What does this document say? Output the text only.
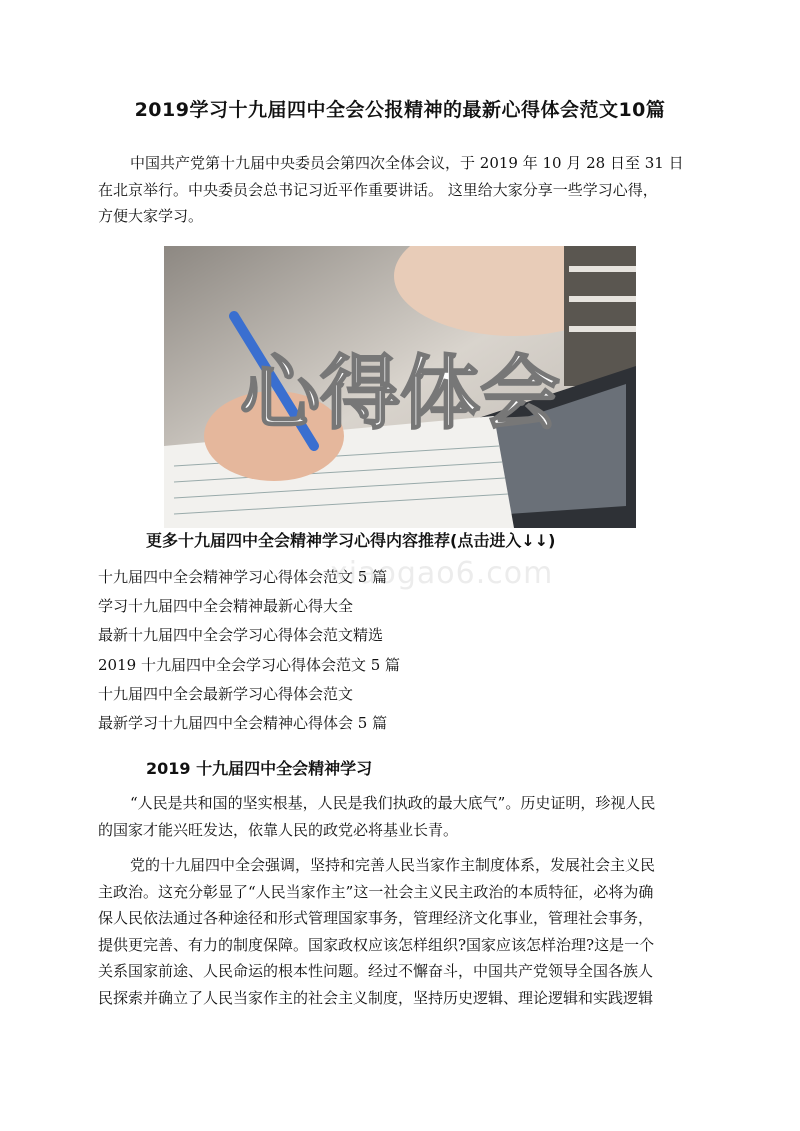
2019学习十九届四中全会公报精神的最新心得体会范文10篇
中国共产党第十九届中央委员会第四次全体会议，于 2019 年 10 月 28 日至 31 日
在北京举行。中央委员会总书记习近平作重要讲话。 这里给大家分享一些学习心得，
方便大家学习。
心得体会
xiaogao6.com
更多十九届四中全会精神学习心得内容推荐(点击进入↓↓)
十九届四中全会精神学习心得体会范文 5 篇
学习十九届四中全会精神最新心得大全
最新十九届四中全会学习心得体会范文精选
2019 十九届四中全会学习心得体会范文 5 篇
十九届四中全会最新学习心得体会范文
最新学习十九届四中全会精神心得体会 5 篇
2019 十九届四中全会精神学习
“人民是共和国的坚实根基，人民是我们执政的最大底气”。历史证明，珍视人民
的国家才能兴旺发达，依靠人民的政党必将基业长青。
党的十九届四中全会强调，坚持和完善人民当家作主制度体系，发展社会主义民
主政治。这充分彰显了“人民当家作主”这一社会主义民主政治的本质特征，必将为确
保人民依法通过各种途径和形式管理国家事务，管理经济文化事业，管理社会事务，
提供更完善、有力的制度保障。国家政权应该怎样组织?国家应该怎样治理?这是一个
关系国家前途、人民命运的根本性问题。经过不懈奋斗，中国共产党领导全国各族人
民探索并确立了人民当家作主的社会主义制度，坚持历史逻辑、理论逻辑和实践逻辑
